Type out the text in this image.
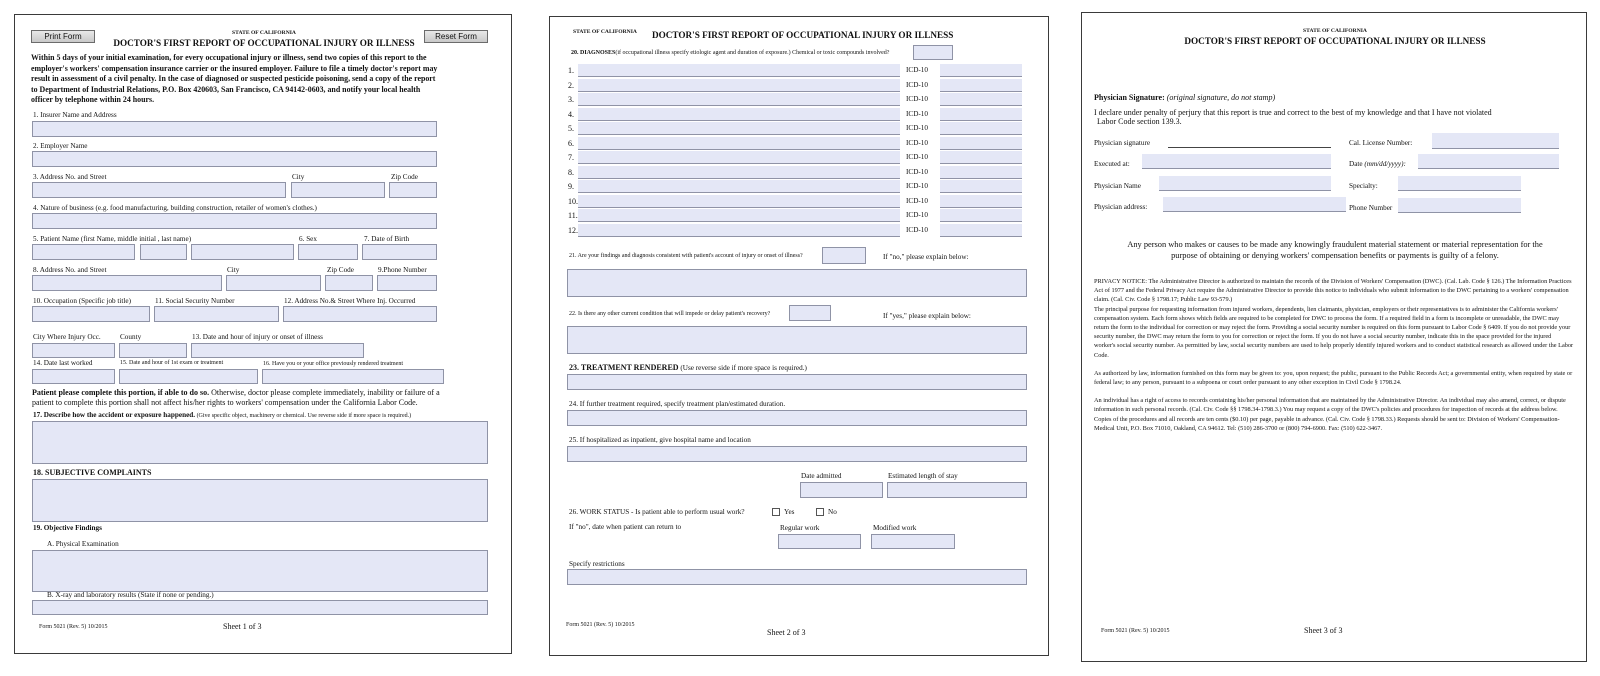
Print Form	Reset Form
STATE OF CALIFORNIA
DOCTOR'S FIRST REPORT OF OCCUPATIONAL INJURY OR ILLNESS
Within 5 days of your initial examination, for every occupational injury or illness, send two copies of this report to the
employer's workers' compensation insurance carrier or the insured employer. Failure to file a timely doctor's report may
result in assessment of a civil penalty. In the case of diagnosed or suspected pesticide poisoning, send a copy of the report
to Department of Industrial Relations, P.O. Box 420603, San Francisco, CA 94142-0603, and notify your local health
officer by telephone within 24 hours.
1. Insurer Name and Address
2. Employer Name
3. Address No. and Street	City	Zip Code
4. Nature of business (e.g. food manufacturing, building construction, retailer of women's clothes.)
5. Patient Name (first Name, middle initial , last name)	6. Sex	7. Date of Birth
8. Address No. and Street	City	Zip Code	9.Phone Number
10. Occupation (Specific job title)	11. Social Security Number	12. Address No.& Street Where Inj. Occurred
City Where Injury Occ.	County	13. Date and hour of injury or onset of illness
14. Date last worked	15. Date and hour of 1st exam or treatment	16. Have you or your office previously rendered treatment
Patient please complete this portion, if able to do so. Otherwise, doctor please complete immediately, inability or failure of a
patient to complete this portion shall not affect his/her rights to workers' compensation under the California Labor Code.
17. Describe how the accident or exposure happened. (Give specific object, machinery or chemical. Use reverse side if more space is required.)
18. SUBJECTIVE COMPLAINTS
19. Objective Findings
A. Physical Examination
B. X-ray and laboratory results (State if none or pending.)
Form 5021 (Rev. 5) 10/2015	Sheet 1 of 3
STATE OF CALIFORNIA DOCTOR'S FIRST REPORT OF OCCUPATIONAL INJURY OR ILLNESS
20. DIAGNOSES(if occupational illness specify etiologic agent and duration of exposure.) Chemical or toxic compounds involved?
1.	ICD-10
2.	ICD-10
3.	ICD-10
4.	ICD-10
5.	ICD-10
6.	ICD-10
7.	ICD-10
8.	ICD-10
9.	ICD-10
10.	ICD-10
11.	ICD-10
12.	ICD-10
21. Are your findings and diagnosis consistent with patient's account of injury or onset of illness?	If "no," please explain below:
22. Is there any other current condition that will impede or delay patient's recovery?	If "yes," please explain below:
23. TREATMENT RENDERED (Use reverse side if more space is required.)
24. If further treatment required, specify treatment plan/estimated duration.
25. If hospitalized as inpatient, give hospital name and location
Date admitted	Estimated length of stay
26. WORK STATUS - Is patient able to perform usual work?	Yes	No
If "no", date when patient can return to	Regular work	Modified work
Specify restrictions
Form 5021 (Rev. 5) 10/2015
Sheet 2 of 3
STATE OF CALIFORNIA
DOCTOR'S FIRST REPORT OF OCCUPATIONAL INJURY OR ILLNESS
Physician Signature: (original signature, do not stamp)
I declare under penalty of perjury that this report is true and correct to the best of my knowledge and that I have not violated
Labor Code section 139.3.
Physician signature	Cal. License Number:
Executed at:	Date (mm/dd/yyyy):
Physician Name	Specialty:
Physician address:	Phone Number
Any person who makes or causes to be made any knowingly fraudulent material statement or material representation for the
purpose of obtaining or denying workers' compensation benefits or payments is guilty of a felony.

PRIVACY NOTICE: The Administrative Director is authorized to maintain the records of the Division of Workers' Compensation (DWC). (Cal. Lab. Code § 126.) The Information Practices Act of 1977 and the Federal Privacy Act require the Administrative Director to provide this notice to individuals who submit information to the DWC pertaining to a workers' compensation claim. (Cal. Civ. Code § 1798.17; Public Law 93-579.)

The principal purpose for requesting information from injured workers, dependents, lien claimants, physician, employers or their representatives is to administer the California workers' compensation system. Each form shows which fields are required to be completed for DWC to process the form. If a required field in a form is incomplete or unreadable, the DWC may return the form to the individual for correction or may reject the form. Providing a social security number is required on this form pursuant to Labor Code § 6409. If you do not provide your security number, the DWC may return the form to you for correction or reject the form. If you do not have a social security number, indicate this in the space provided for the injured worker's social security number. As permitted by law, social security numbers are used to help properly identify injured workers and to conduct statistical research as allowed under the Labor Code.

As authorized by law, information furnished on this form may be given to: you, upon request; the public, pursuant to the Public Records Act; a governmental entity, when required by state or federal law; to any person, pursuant to a subpoena or court order pursuant to any other exception in Civil Code § 1798.24.

An individual has a right of access to records containing his/her personal information that are maintained by the Administrative Director. An individual may also amend, correct, or dispute information in such personal records. (Cal. Civ. Code §§ 1798.34-1798.3.) You may request a copy of the DWC's policies and procedures for inspection of records at the address below. Copies of the procedures and all records are ten cents ($0.10) per page, payable in advance. (Cal. Civ. Code § 1798.33.) Requests should be sent to: Division of Workers' Compensation- Medical Unit, P.O. Box 71010, Oakland, CA 94612. Tel: (510) 286-3700 or (800) 794-6900. Fax: (510) 622-3467.

Form 5021 (Rev. 5) 10/2015	Sheet 3 of 3
